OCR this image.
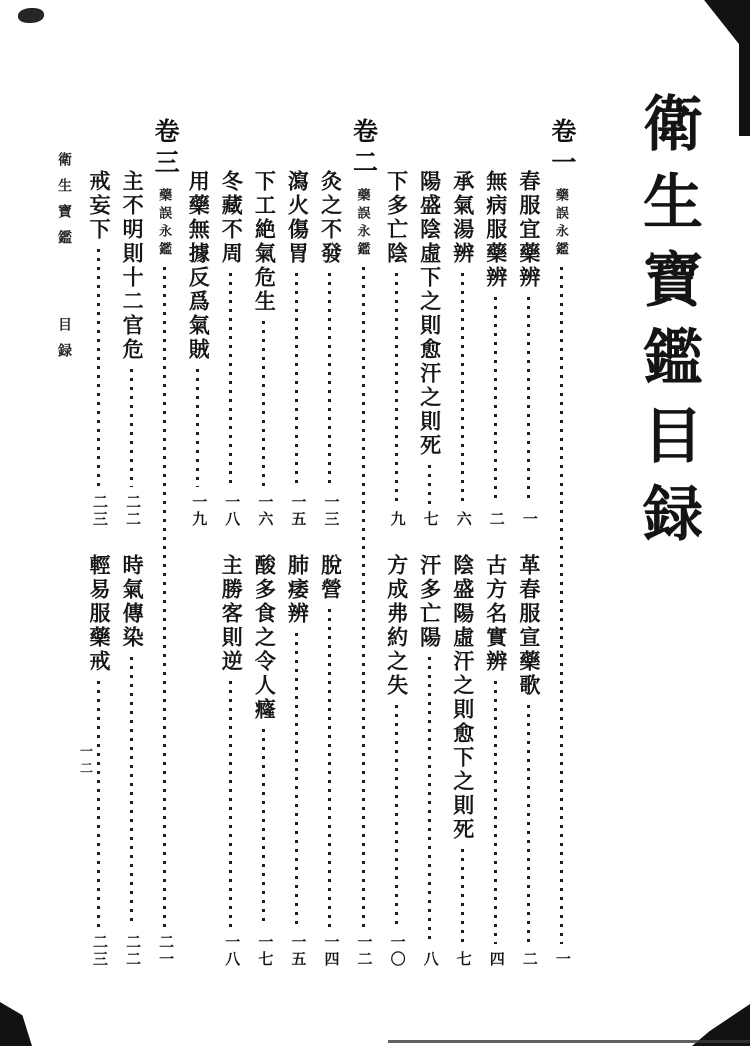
衛生寶鑑目録
衛生寶鑑 目録
一二
卷一
藥誤永鑑
一
春服宜藥辨
一
革春服宣藥歌
二
無病服藥辨
二
古方名實辨
四
承氣湯辨
六
陰盛陽虛汗之則愈下之則死
七
陽盛陰虛下之則愈汗之則死
七
汗多亡陽
八
下多亡陰
九
方成弗約之失
一〇
卷二
藥誤永鑑
一二
灸之不發
一三
脫營
一四
瀉火傷胃
一五
肺痿辨
一五
下工絶氣危生
一六
酸多食之令人癃
一七
冬藏不周
一八
主勝客則逆
一八
用藥無據反爲氣賊
一九
卷三
藥誤永鑑
二一
主不明則十二官危
二二
時氣傳染
二二
戒妄下
二三
輕易服藥戒
二三
